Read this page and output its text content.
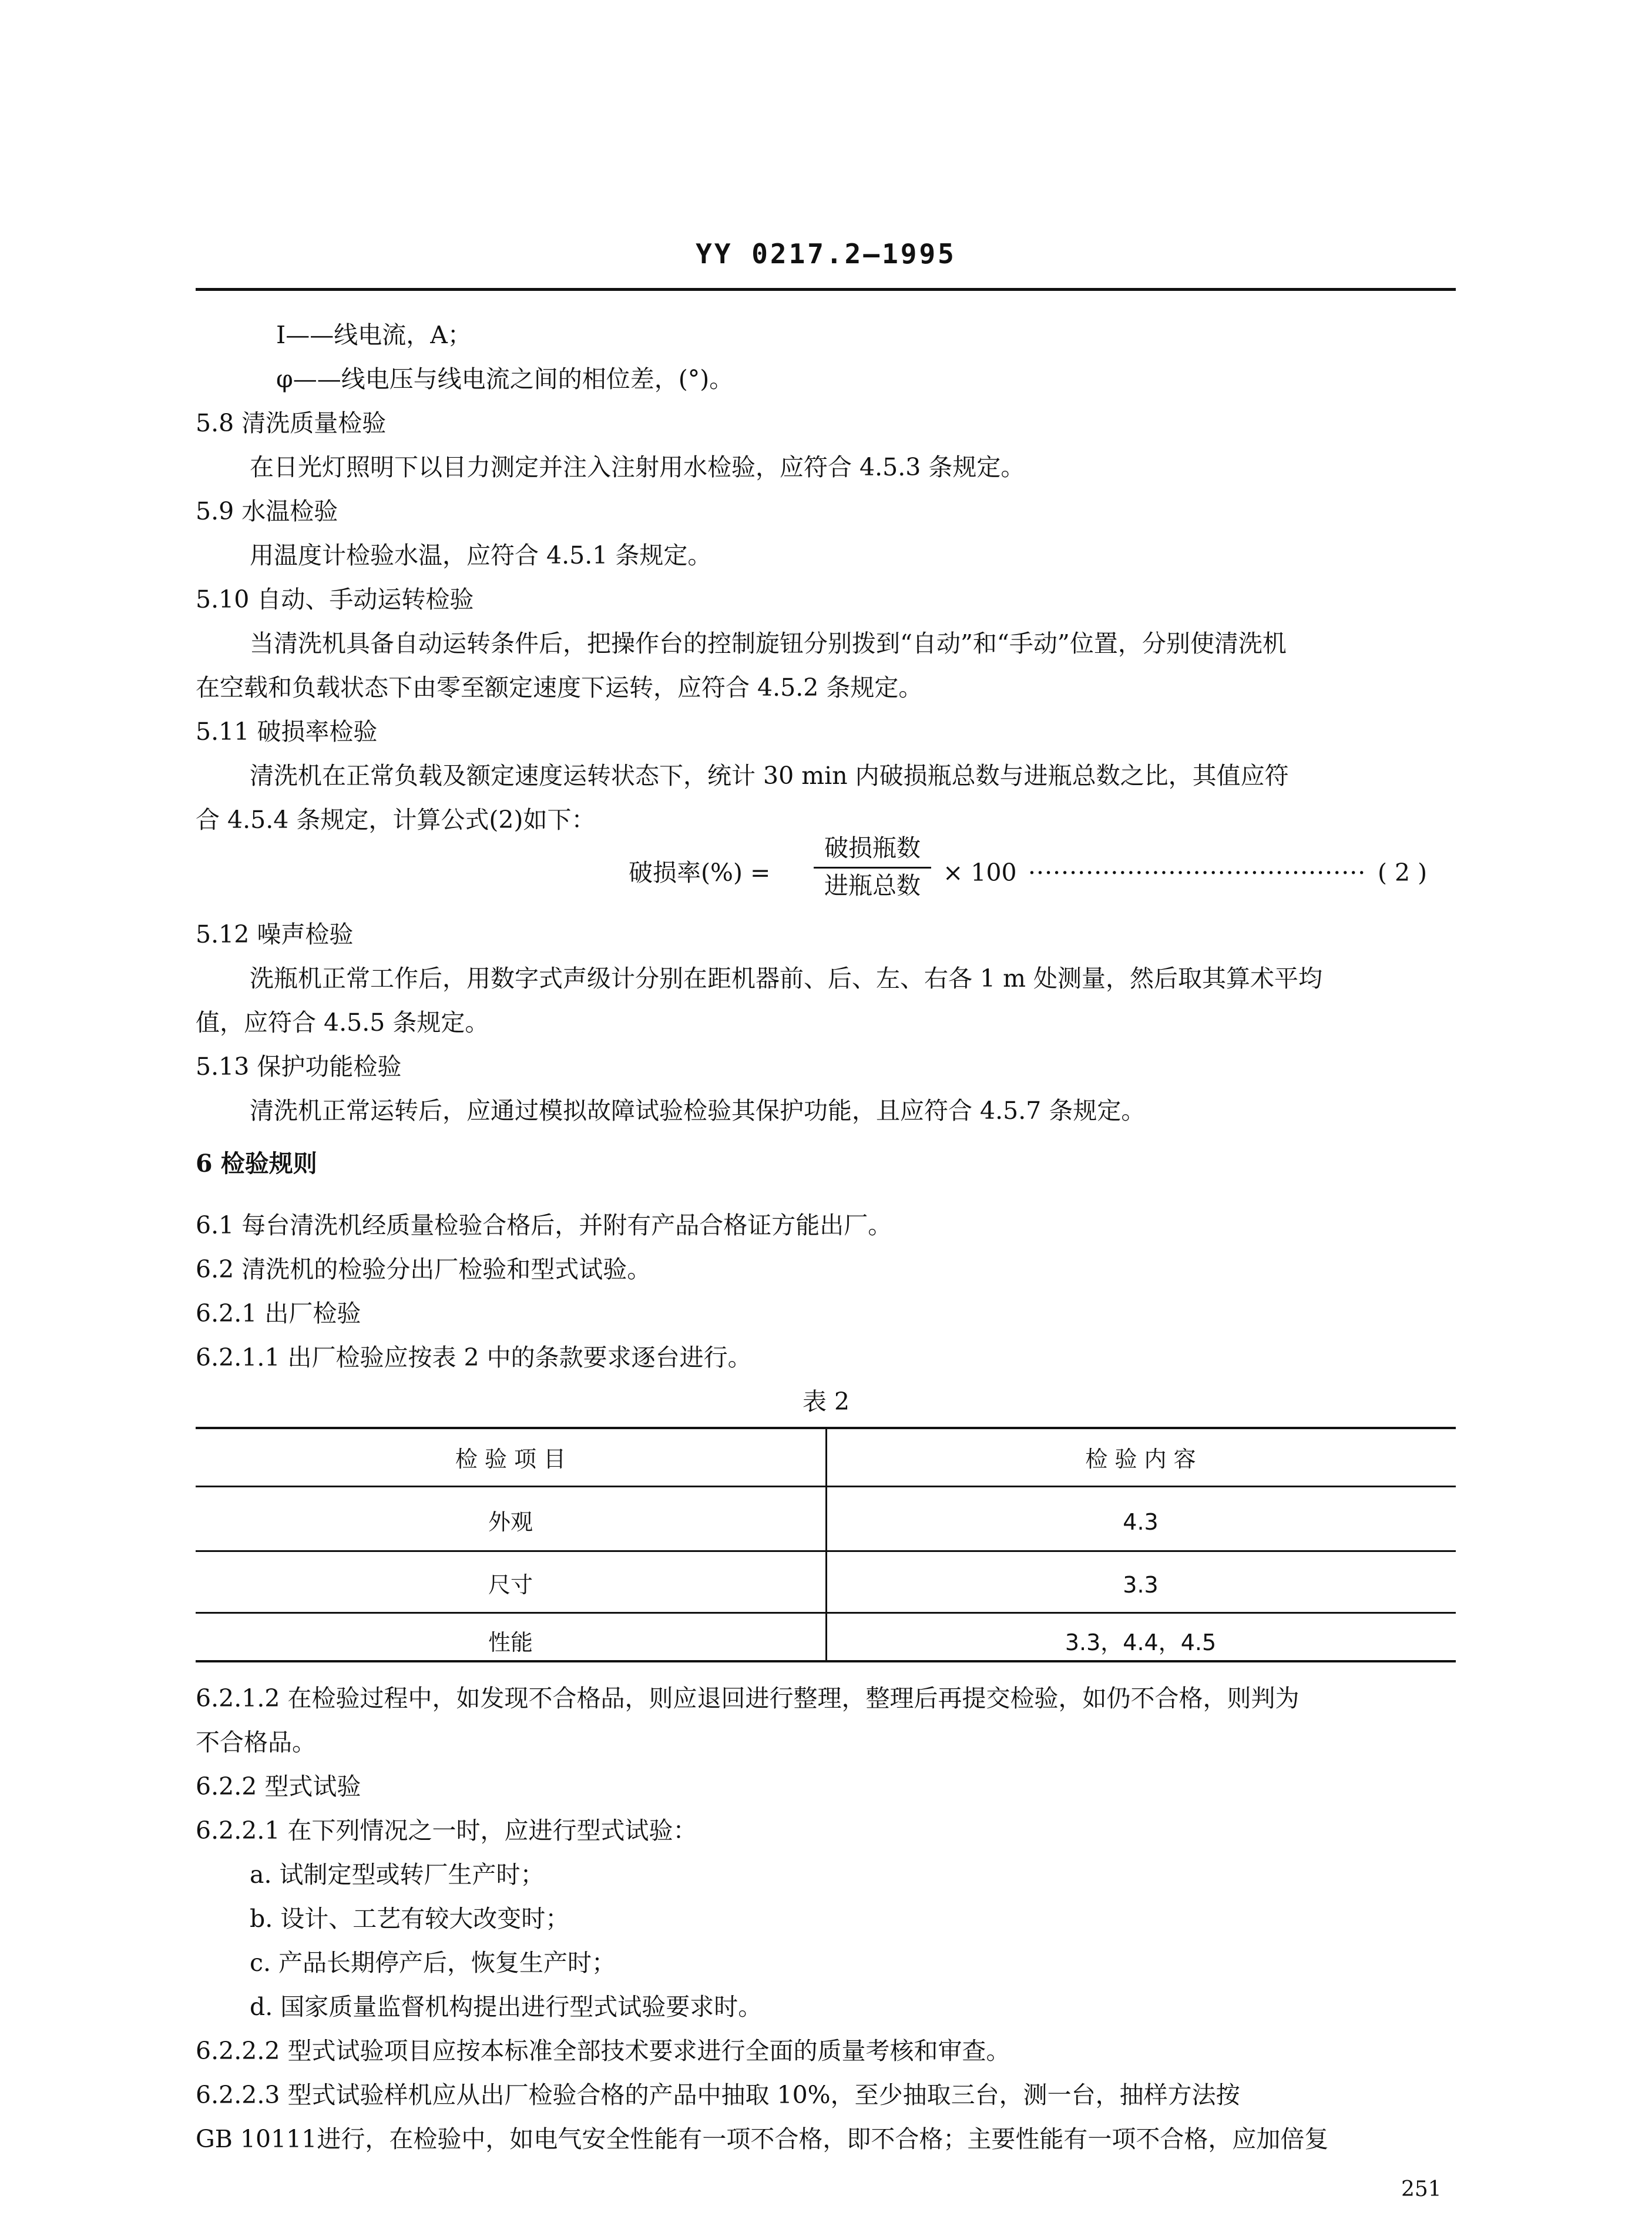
YY 0217.2—1995
I——线电流，A；
φ——线电压与线电流之间的相位差，(°)。
5.8 清洗质量检验
在日光灯照明下以目力测定并注入注射用水检验，应符合 4.5.3 条规定。
5.9 水温检验
用温度计检验水温，应符合 4.5.1 条规定。
5.10 自动、手动运转检验
当清洗机具备自动运转条件后，把操作台的控制旋钮分别拨到“自动”和“手动”位置，分别使清洗机
在空载和负载状态下由零至额定速度下运转，应符合 4.5.2 条规定。
5.11 破损率检验
清洗机在正常负载及额定速度运转状态下，统计 30 min 内破损瓶总数与进瓶总数之比，其值应符
合 4.5.4 条规定，计算公式(2)如下：
破损率(%) =
破损瓶数
进瓶总数 × 100 ········································· ( 2 )
5.12 噪声检验
洗瓶机正常工作后，用数字式声级计分别在距机器前、后、左、右各 1 m 处测量，然后取其算术平均
值，应符合 4.5.5 条规定。
5.13 保护功能检验
清洗机正常运转后，应通过模拟故障试验检验其保护功能，且应符合 4.5.7 条规定。
6 检验规则
6.1 每台清洗机经质量检验合格后，并附有产品合格证方能出厂。
6.2 清洗机的检验分出厂检验和型式试验。
6.2.1 出厂检验
6.2.1.1 出厂检验应按表 2 中的条款要求逐台进行。
表 2
检 验 项 目	检 验 内 容
外观	4.3
尺寸	3.3
性能	3.3，4.4，4.5
6.2.1.2 在检验过程中，如发现不合格品，则应退回进行整理，整理后再提交检验，如仍不合格，则判为
不合格品。
6.2.2 型式试验
6.2.2.1 在下列情况之一时，应进行型式试验：
a. 试制定型或转厂生产时；
b. 设计、工艺有较大改变时；
c. 产品长期停产后，恢复生产时；
d. 国家质量监督机构提出进行型式试验要求时。
6.2.2.2 型式试验项目应按本标准全部技术要求进行全面的质量考核和审查。
6.2.2.3 型式试验样机应从出厂检验合格的产品中抽取 10%，至少抽取三台，测一台，抽样方法按
GB 10111进行，在检验中，如电气安全性能有一项不合格，即不合格；主要性能有一项不合格，应加倍复
251
